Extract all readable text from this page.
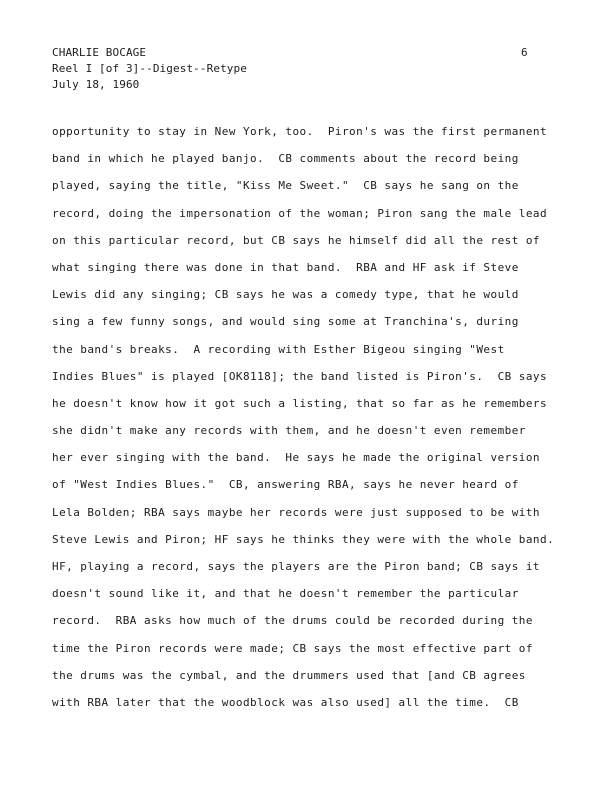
CHARLIE BOCAGE
Reel I [of 3]--Digest--Retype
July 18, 1960
6
opportunity to stay in New York, too.  Piron's was the first permanent
band in which he played banjo.  CB comments about the record being
played, saying the title, "Kiss Me Sweet."  CB says he sang on the
record, doing the impersonation of the woman; Piron sang the male lead
on this particular record, but CB says he himself did all the rest of
what singing there was done in that band.  RBA and HF ask if Steve
Lewis did any singing; CB says he was a comedy type, that he would
sing a few funny songs, and would sing some at Tranchina's, during
the band's breaks.  A recording with Esther Bigeou singing "West
Indies Blues" is played [OK8118]; the band listed is Piron's.  CB says
he doesn't know how it got such a listing, that so far as he remembers
she didn't make any records with them, and he doesn't even remember
her ever singing with the band.  He says he made the original version
of "West Indies Blues."  CB, answering RBA, says he never heard of
Lela Bolden; RBA says maybe her records were just supposed to be with
Steve Lewis and Piron; HF says he thinks they were with the whole band.
HF, playing a record, says the players are the Piron band; CB says it
doesn't sound like it, and that he doesn't remember the particular
record.  RBA asks how much of the drums could be recorded during the
time the Piron records were made; CB says the most effective part of
the drums was the cymbal, and the drummers used that [and CB agrees
with RBA later that the woodblock was also used] all the time.  CB
